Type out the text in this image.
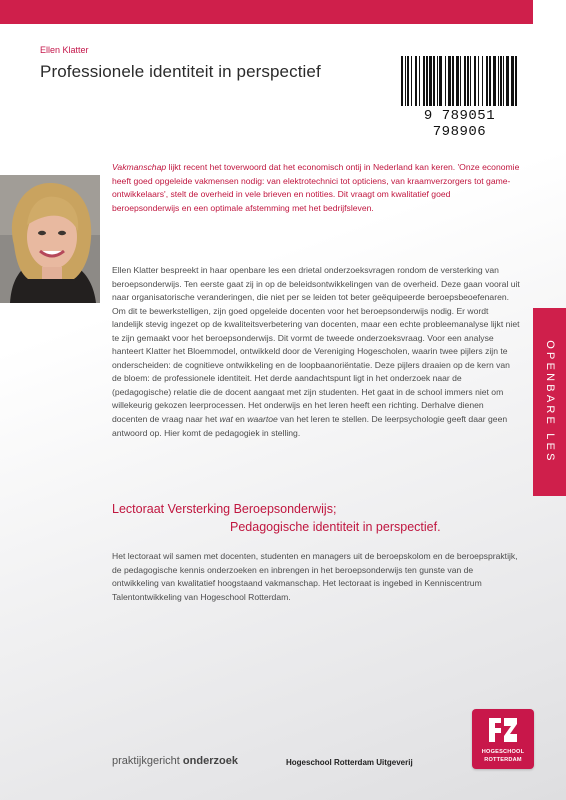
Ellen Klatter

Professionele identiteit in perspectief
9 789051 798906

Vakmanschap lijkt recent het toverwoord dat het economisch ontij in Nederland kan keren. 'Onze economie heeft goed opgeleide vakmensen nodig: van elektrotechnici tot opticiens, van kraamverzorgers tot game-ontwikkelaars', stelt de overheid in vele brieven en notities. Dit vraagt om kwalitatief goed beroepsonderwijs en een optimale afstemming met het bedrijfsleven.

Ellen Klatter bespreekt in haar openbare les een drietal onderzoeksvragen rondom de versterking van beroepsonderwijs. Ten eerste gaat zij in op de beleidsontwikkelingen van de overheid. Deze gaan vooral uit naar organisatorische veranderingen, die niet per se leiden tot beter geëquipeerde beroepsbeoefenaren. Om dit te bewerkstelligen, zijn goed opgeleide docenten voor het beroepsonderwijs nodig. Er wordt landelijk stevig ingezet op de kwaliteitsverbetering van docenten, maar een echte probleemanalyse lijkt niet te zijn gemaakt voor het beroepsonderwijs. Dit vormt de tweede onderzoeksvraag. Voor een analyse hanteert Klatter het Bloemmodel, ontwikkeld door de Vereniging Hogescholen, waarin twee pijlers zijn te onderscheiden: de cognitieve ontwikkeling en de loopbaanoriëntatie. Deze pijlers draaien op de kern van de bloem: de professionele identiteit. Het derde aandachtspunt ligt in het onderzoek naar de (pedagogische) relatie die de docent aangaat met zijn studenten. Het gaat in de school immers niet om willekeurig gekozen leerprocessen. Het onderwijs en het leren heeft een richting. Derhalve dienen docenten de vraag naar het wat en waartoe van het leren te stellen. De leerpsychologie geeft daar geen antwoord op. Hier komt de pedagogiek in stelling.

Lectoraat Versterking Beroepsonderwijs;
Pedagogische identiteit in perspectief.

Het lectoraat wil samen met docenten, studenten en managers uit de beroepskolom en de beroepspraktijk, de pedagogische kennis onderzoeken en inbrengen in het beroepsonderwijs ten gunste van de ontwikkeling van kwalitatief hoogstaand vakmanschap. Het lectoraat is ingebed in Kenniscentrum Talentontwikkeling van Hogeschool Rotterdam.

OPENBARE LES

praktijkgericht onderzoek	Hogeschool Rotterdam Uitgeverij

HOGESCHOOL
ROTTERDAM
